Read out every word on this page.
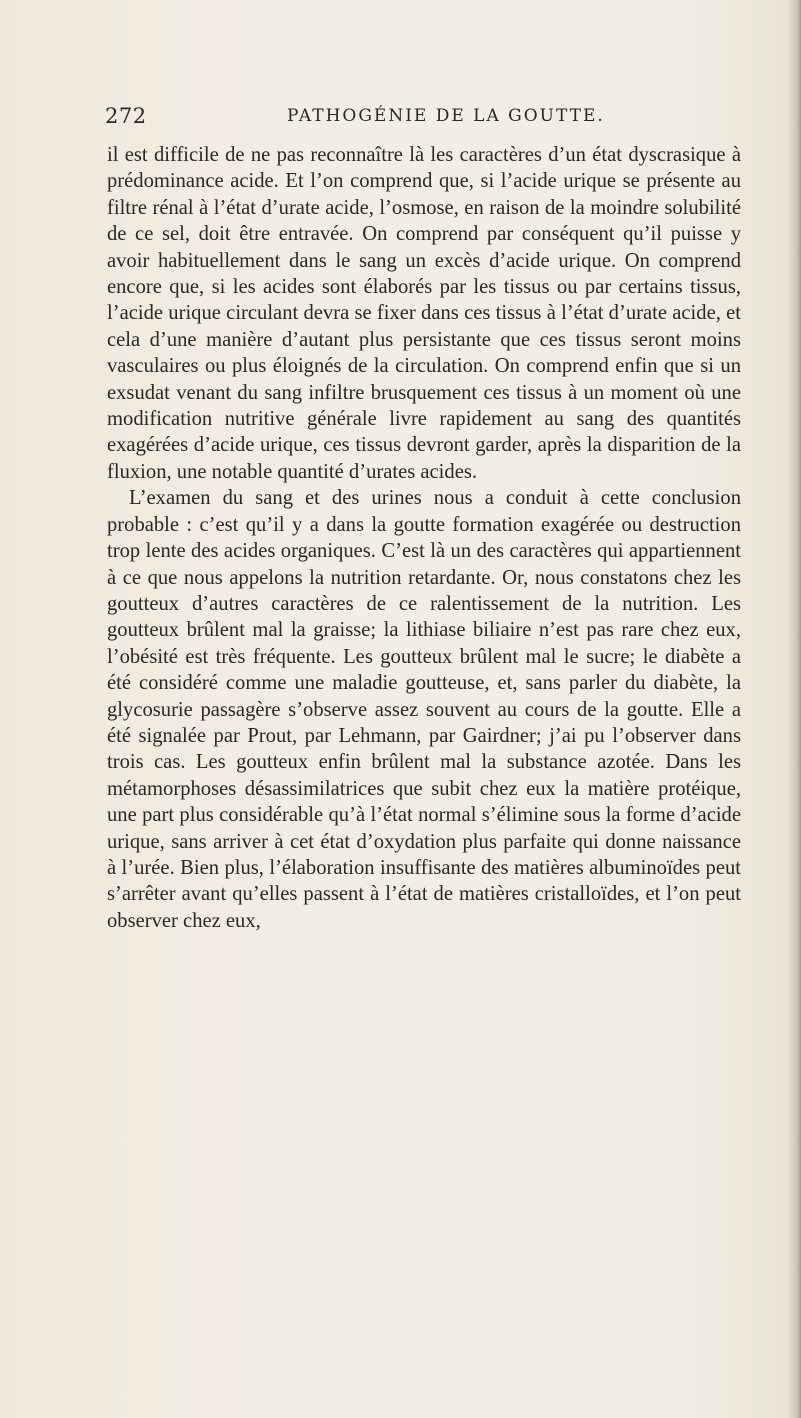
272	PATHOGÉNIE DE LA GOUTTE.

il est difficile de ne pas reconnaître là les caractères d’un état dyscrasique à prédominance acide. Et l’on comprend que, si l’acide urique se présente au filtre rénal à l’état d’urate acide, l’osmose, en raison de la moindre solubilité de ce sel, doit être entravée. On comprend par conséquent qu’il puisse y avoir habituellement dans le sang un excès d’acide urique. On comprend encore que, si les acides sont élaborés par les tissus ou par certains tissus, l’acide urique circulant devra se fixer dans ces tissus à l’état d’urate acide, et cela d’une manière d’autant plus persistante que ces tissus seront moins vasculaires ou plus éloignés de la circulation. On comprend enfin que si un exsudat venant du sang infiltre brusquement ces tissus à un moment où une modification nutritive générale livre rapidement au sang des quantités exagérées d’acide urique, ces tissus devront garder, après la disparition de la fluxion, une notable quantité d’urates acides.

L’examen du sang et des urines nous a conduit à cette conclusion probable : c’est qu’il y a dans la goutte formation exagérée ou destruction trop lente des acides organiques. C’est là un des caractères qui appartiennent à ce que nous appelons la nutrition retardante. Or, nous constatons chez les goutteux d’autres caractères de ce ralentissement de la nutrition. Les goutteux brûlent mal la graisse; la lithiase biliaire n’est pas rare chez eux, l’obésité est très fréquente. Les goutteux brûlent mal le sucre; le diabète a été considéré comme une maladie goutteuse, et, sans parler du diabète, la glycosurie passagère s’observe assez souvent au cours de la goutte. Elle a été signalée par Prout, par Lehmann, par Gairdner; j’ai pu l’observer dans trois cas. Les goutteux enfin brûlent mal la substance azotée. Dans les métamorphoses désassimilatrices que subit chez eux la matière protéique, une part plus considérable qu’à l’état normal s’élimine sous la forme d’acide urique, sans arriver à cet état d’oxydation plus parfaite qui donne naissance à l’urée. Bien plus, l’élaboration insuffisante des matières albuminoïdes peut s’arrêter avant qu’elles passent à l’état de matières cristalloïdes, et l’on peut observer chez eux,
